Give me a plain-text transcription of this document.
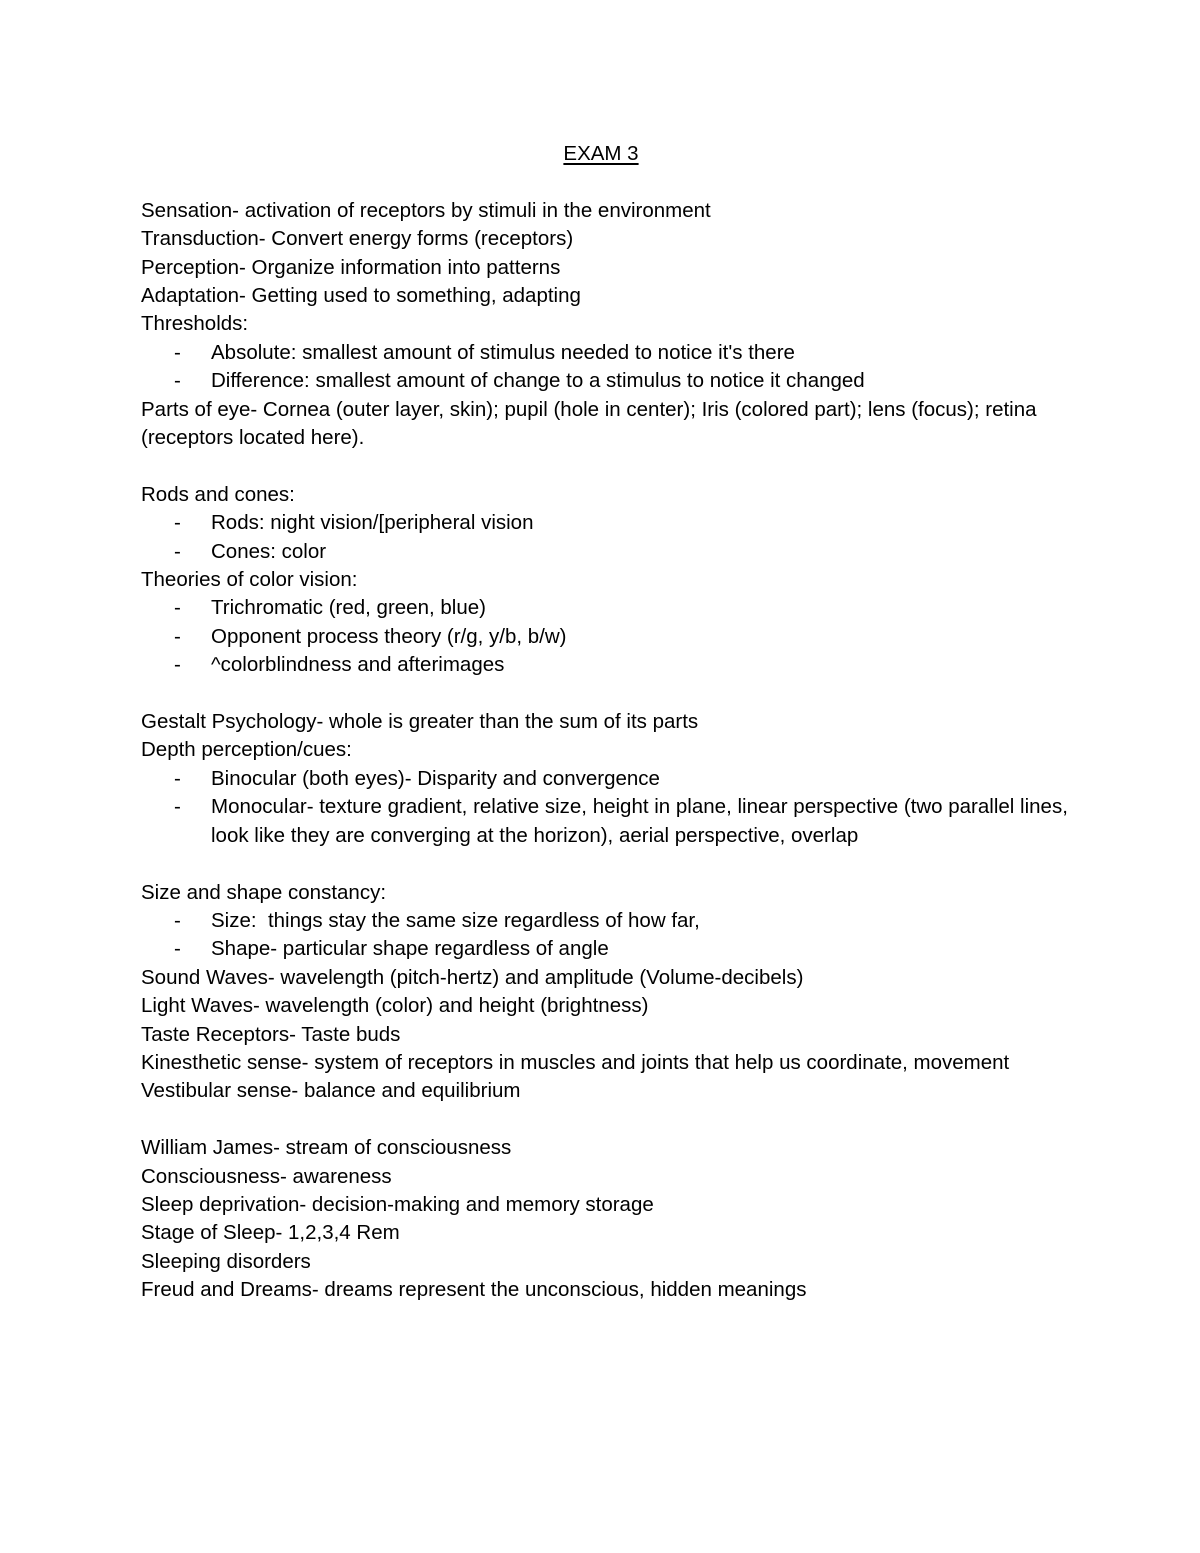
EXAM 3
Sensation- activation of receptors by stimuli in the environment
Transduction- Convert energy forms (receptors)
Perception- Organize information into patterns
Adaptation- Getting used to something, adapting
Thresholds:
- Absolute: smallest amount of stimulus needed to notice it's there
- Difference: smallest amount of change to a stimulus to notice it changed
Parts of eye- Cornea (outer layer, skin); pupil (hole in center); Iris (colored part); lens (focus); retina (receptors located here).
Rods and cones:
- Rods: night vision/[peripheral vision
- Cones: color
Theories of color vision:
- Trichromatic (red, green, blue)
- Opponent process theory (r/g, y/b, b/w)
- ^colorblindness and afterimages
Gestalt Psychology- whole is greater than the sum of its parts
Depth perception/cues:
- Binocular (both eyes)- Disparity and convergence
- Monocular- texture gradient, relative size, height in plane, linear perspective (two parallel lines, look like they are converging at the horizon), aerial perspective, overlap
Size and shape constancy:
- Size:  things stay the same size regardless of how far,
- Shape- particular shape regardless of angle
Sound Waves- wavelength (pitch-hertz) and amplitude (Volume-decibels)
Light Waves- wavelength (color) and height (brightness)
Taste Receptors- Taste buds
Kinesthetic sense- system of receptors in muscles and joints that help us coordinate, movement
Vestibular sense- balance and equilibrium
William James- stream of consciousness
Consciousness- awareness
Sleep deprivation- decision-making and memory storage
Stage of Sleep- 1,2,3,4 Rem
Sleeping disorders
Freud and Dreams- dreams represent the unconscious, hidden meanings
